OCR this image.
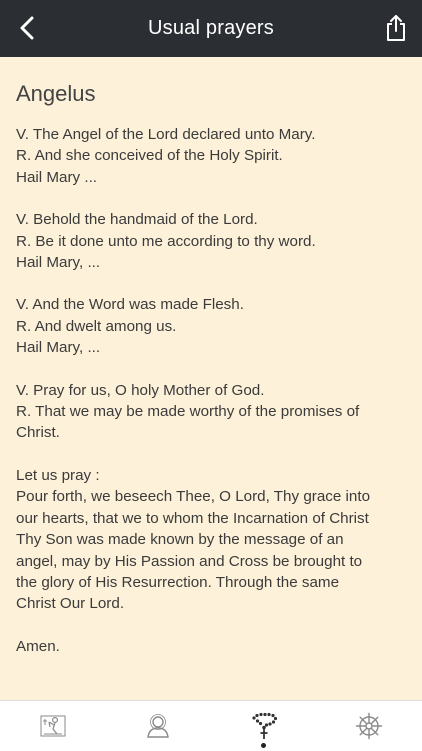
Usual prayers
Angelus

V. The Angel of the Lord declared unto Mary.

R. And she conceived of the Holy Spirit.

Hail Mary ...

V. Behold the handmaid of the Lord.

R. Be it done unto me according to thy word.

Hail Mary, ...

V. And the Word was made Flesh.

R. And dwelt among us.

Hail Mary, ...

V. Pray for us, O holy Mother of God.

R. That we may be made worthy of the promises of

Christ.

Let us pray :

Pour forth, we beseech Thee, O Lord, Thy grace into

our hearts, that we to whom the Incarnation of Christ

Thy Son was made known by the message of an

angel, may by His Passion and Cross be brought to

the glory of His Resurrection. Through the same

Christ Our Lord.

Amen.
